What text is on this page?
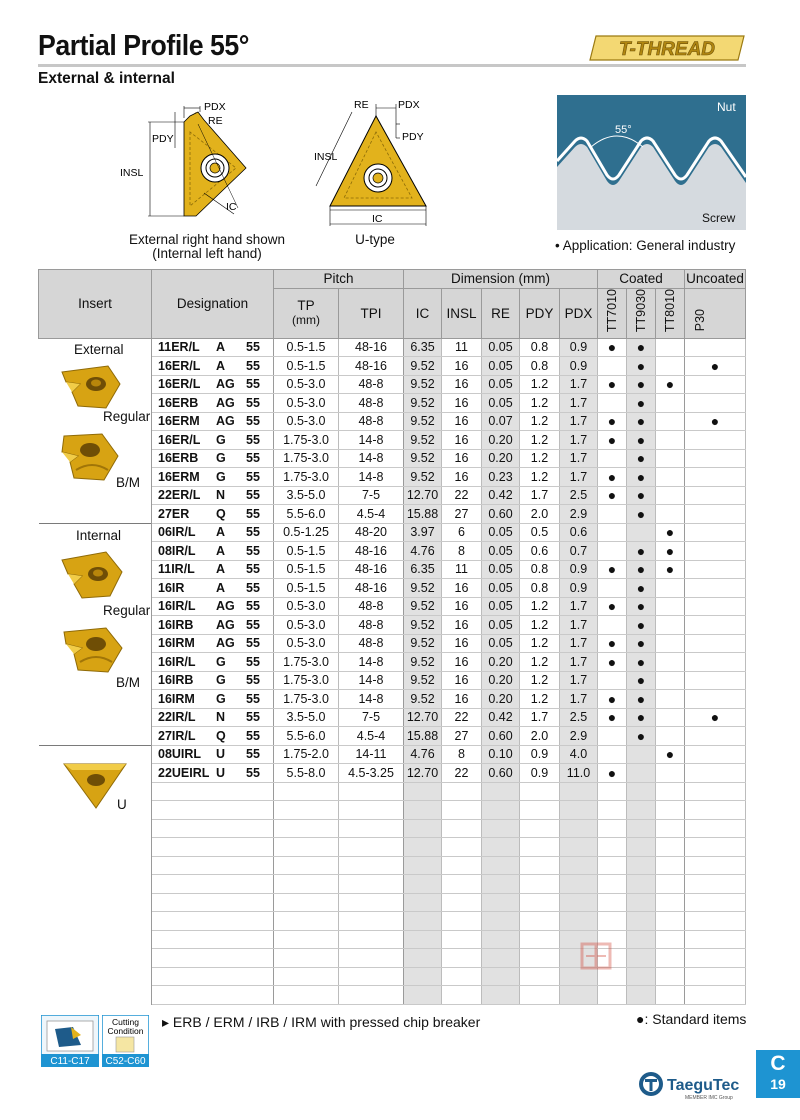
Partial Profile 55°
External & internal
T-THREAD
PDX
RE
PDY
INSL
IC
External right hand shown
(Internal left hand)
RE	PDX
PDY
INSL
IC
U-type
55°
Nut
Screw
• Application: General industry
Insert	Designation	Pitch		Dimension (mm)					Coated			Uncoated

		TP
(mm)	TPI	IC	INSL	RE	PDY	PDX	TT7010	TT9030	TT8010	P30
	11ER/L A 55	0.5-1.5	48-16	6.35	11	0.05	0.8	0.9	●	●		
	16ER/L A 55	0.5-1.5	48-16	9.52	16	0.05	0.8	0.9		●		●
	16ER/L AG 55	0.5-3.0	48-8	9.52	16	0.05	1.2	1.7	●	●	●	
	16ERB AG 55	0.5-3.0	48-8	9.52	16	0.05	1.2	1.7		●		
	16ERM AG 55	0.5-3.0	48-8	9.52	16	0.07	1.2	1.7	●	●		●
	16ER/L G 55	1.75-3.0	14-8	9.52	16	0.20	1.2	1.7	●	●		
	16ERB G 55	1.75-3.0	14-8	9.52	16	0.20	1.2	1.7		●		
	16ERM G 55	1.75-3.0	14-8	9.52	16	0.23	1.2	1.7	●	●		
	22ER/L N 55	3.5-5.0	7-5	12.70	22	0.42	1.7	2.5	●	●		
	27ER Q 55	5.5-6.0	4.5-4	15.88	27	0.60	2.0	2.9		●		
	06IR/L A 55	0.5-1.25	48-20	3.97	6	0.05	0.5	0.6			●	
	08IR/L A 55	0.5-1.5	48-16	4.76	8	0.05	0.6	0.7		●	●	
	11IR/L A 55	0.5-1.5	48-16	6.35	11	0.05	0.8	0.9	●	●	●	
	16IR A 55	0.5-1.5	48-16	9.52	16	0.05	0.8	0.9		●		
	16IR/L AG 55	0.5-3.0	48-8	9.52	16	0.05	1.2	1.7	●	●		
	16IRB AG 55	0.5-3.0	48-8	9.52	16	0.05	1.2	1.7		●		
	16IRM AG 55	0.5-3.0	48-8	9.52	16	0.05	1.2	1.7	●	●		
	16IR/L G 55	1.75-3.0	14-8	9.52	16	0.20	1.2	1.7	●	●		
	16IRB G 55	1.75-3.0	14-8	9.52	16	0.20	1.2	1.7		●		
	16IRM G 55	1.75-3.0	14-8	9.52	16	0.20	1.2	1.7	●	●		
	22IR/L N 55	3.5-5.0	7-5	12.70	22	0.42	1.7	2.5	●	●		●
	27IR/L Q 55	5.5-6.0	4.5-4	15.88	27	0.60	2.0	2.9		●		
	08UIRL U 55	1.75-2.0	14-11	4.76	8	0.10	0.9	4.0			●	
	22UEIRL U 55	5.5-8.0	4.5-3.25	12.70	22	0.60	0.9	11.0	●			

External
Regular
B/M
Internal
Regular
B/M
U
C11-C17
Cutting
Condition
C52-C60
▸ ERB / ERM / IRB / IRM with pressed chip breaker	●: Standard items
TaeguTec
MEMBER IMC Group
C
19
